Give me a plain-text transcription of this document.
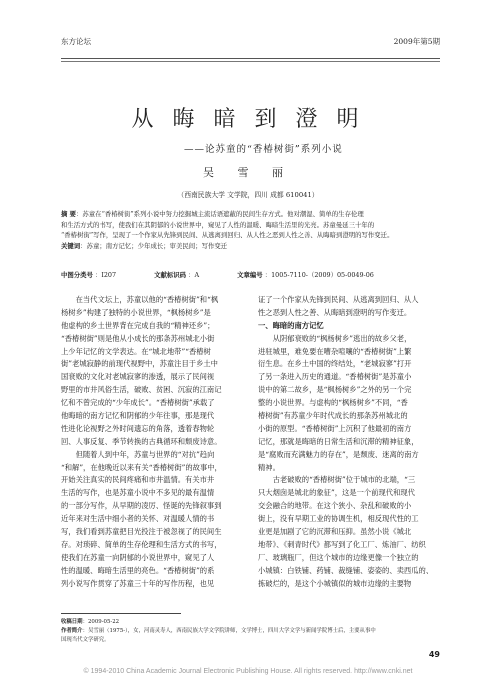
东方论坛	2009年第5期
从 晦 暗 到 澄 明
——论苏童的“香椿树街”系列小说
吴 雪 丽
（西南民族大学 文学院，四川 成都 610041）
摘 要：苏童在“香椿树街”系列小说中努力挖掘城主流话语遮蔽的民间生存方式。他对潮湿、简单的生存伦理
和生活方式的书写，使我们在其阴郁的小说世界中，窥见了人性的温暖、晦暗生活里的光亮。苏童曼延三十年的
“香椿树街”写作，呈现了一个作家从先锋到民间、从逃离到回归、从人性之恶到人性之善、从晦暗到澄明的写作变迁。
关键词：苏童；南方记忆；少年成长；审美民间；写作变迁
中图分类号 ：I207	文献标识码 ：A	文章编号 ：1005-7110-（2009）05-0049-06
　　在当代文坛上，苏童以他的“香椿树街”和“枫
杨树乡”构建了独特的小说世界，“枫杨树乡”是
他虚构的乡土世界背在完成自我的“精神还乡”；
“香椿树街”则是他从小成长的那条苏州城北小街
上少年记忆的文学表达。在“城北地带”“香椿树
街”老城寂静的前现代视野中，苏童注目于乡土中
国衰败的文化对老城寂寥的渗透，展示了民间视
野里的市井风俗生活，破败、贫困、沉寂的江南记
忆和不曾完成的“少年成长”。“香椿树街”承载了
他晦暗的南方记忆和阴郁的少年往事，那是现代
性进化论视野之外时间遗忘的角落，透着春物轮
回、人事反复、季节转换的古典循环和颓废诗意。
　　但随着人到中年，苏童与世界的“对抗”趋向
“和解”，在他晚近以来有关“香椿树街”的故事中，
开始关注真实的民间疼痛和市井温情。有关市井
生活的写作，也是苏童小说中不多见的最有温情
的一部分写作，从早期的凌厉、怪诞的先锋叙事到
近年来对生活中细小者的关怀、对温暖人情的书
写，我们看到苏童把目光投注于被忽视了的民间生
存。对琐碎、简单的生存伦理和生活方式的书写，
使我们在苏童一向阴郁的小说世界中，窥见了人
性的温暖、晦暗生活里的亮色。“香椿树街”的系
列小说写作贯穿了苏童三十年的写作历程，也见
证了一个作家从先锋到民间、从逃离到回归、从人
性之恶到人性之善、从晦暗到澄明的写作变迁。
一、晦暗的南方记忆
　　从阴郁衰败的“枫杨树乡”逃出的故乡父老，
进驻城里，难免要在嘈杂喧嚷的“香椿树街”上繁
衍生息。在乡土中国的终结处，“老城寂寥”打开
了另一条进入历史的通道。“香椿树街”是苏童小
说中的第二故乡，是“枫杨树乡”之外的另一个完
整的小说世界。与虚构的“枫杨树乡”不同，“香
椿树街”有苏童少年时代成长的那条苏州城北的
小街的原型。“香椿树街”上沉积了他最初的南方
记忆，那就是晦暗的日常生活和沉滞的精神征象，
是“腐败而充满魅力的存在”，是颓废、迷离的南方
精神。
　　古老破败的“香椿树街”位于城市的北端，“三
只大烟囱是城北的象征”，这是一个前现代和现代
交会融合的地带。在这个狭小、杂乱和破败的小
街上，没有早期工业的协调生机，相反现代性的工
业更是加剧了它的沉滞和压抑。虽然小说《城北
地带》、《刺青时代》都写到了化工厂、炼油厂、纺织
厂、玻璃瓶厂，但这个城市的边缘更像一个独立的
小城镇：白铁铺、药铺、裁缝铺、姿姿的、卖西瓜的、
拣破烂的，是这个小城镇似的城市边缘的主要物
收稿日期：2009-05-22
作者简介：吴雪丽（1975-），女，河南灵寿人，西南民族大学文学院讲师，文学博士，四川大学文学与新闻学院博士后，主要从事中
国现当代文学研究。
49
© 1994-2010 China Academic Journal Electronic Publishing House. All rights reserved. http://www.cnki.net
